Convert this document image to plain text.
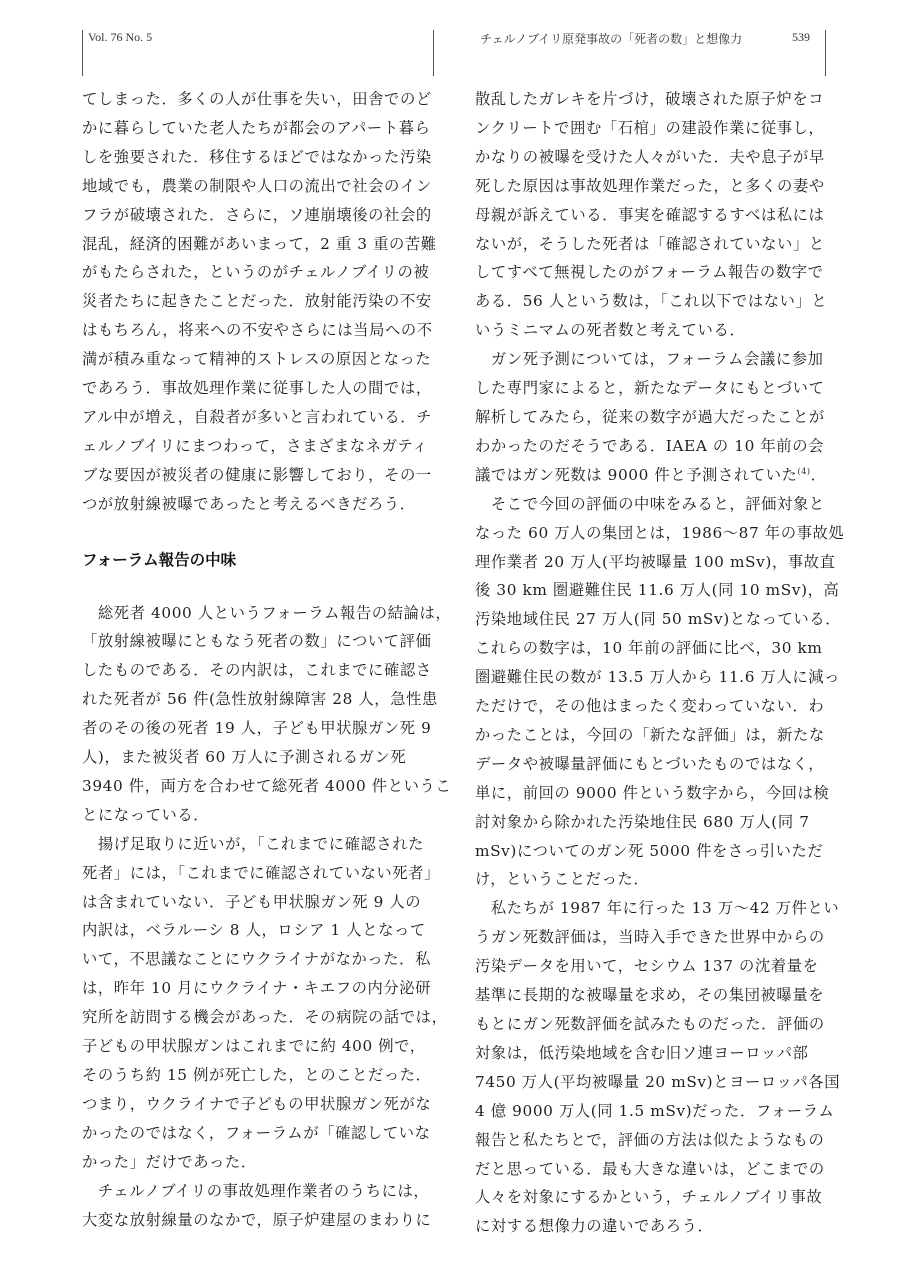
Vol. 76 No. 5	チェルノブイリ原発事故の「死者の数」と想像力	539

てしまった．多くの人が仕事を失い，田舎でのど

かに暮らしていた老人たちが都会のアパート暮ら

しを強要された．移住するほどではなかった汚染

地域でも，農業の制限や人口の流出で社会のイン

フラが破壊された．さらに，ソ連崩壊後の社会的

混乱，経済的困難があいまって，2 重 3 重の苦難

がもたらされた，というのがチェルノブイリの被

災者たちに起きたことだった．放射能汚染の不安

はもちろん，将来への不安やさらには当局への不

満が積み重なって精神的ストレスの原因となった

であろう．事故処理作業に従事した人の間では，

アル中が増え，自殺者が多いと言われている．チ

ェルノブイリにまつわって，さまざまなネガティ

ブな要因が被災者の健康に影響しており，その一

つが放射線被曝であったと考えるべきだろう．

フォーラム報告の中味

　総死者 4000 人というフォーラム報告の結論は，

「放射線被曝にともなう死者の数」について評価

したものである．その内訳は，これまでに確認さ

れた死者が 56 件(急性放射線障害 28 人，急性患

者のその後の死者 19 人，子ども甲状腺ガン死 9

人)，また被災者 60 万人に予測されるガン死

3940 件，両方を合わせて総死者 4000 件というこ

とになっている．

　揚げ足取りに近いが，「これまでに確認された

死者」には，「これまでに確認されていない死者」

は含まれていない．子ども甲状腺ガン死 9 人の

内訳は，ベラルーシ 8 人，ロシア 1 人となって

いて，不思議なことにウクライナがなかった．私

は，昨年 10 月にウクライナ・キエフの内分泌研

究所を訪問する機会があった．その病院の話では，

子どもの甲状腺ガンはこれまでに約 400 例で，

そのうち約 15 例が死亡した，とのことだった．

つまり，ウクライナで子どもの甲状腺ガン死がな

かったのではなく，フォーラムが「確認していな

かった」だけであった．

　チェルノブイリの事故処理作業者のうちには，

大変な放射線量のなかで，原子炉建屋のまわりに

散乱したガレキを片づけ，破壊された原子炉をコ

ンクリートで囲む「石棺」の建設作業に従事し，

かなりの被曝を受けた人々がいた．夫や息子が早

死した原因は事故処理作業だった，と多くの妻や

母親が訴えている．事実を確認するすべは私には

ないが，そうした死者は「確認されていない」と

してすべて無視したのがフォーラム報告の数字で

ある．56 人という数は，「これ以下ではない」と

いうミニマムの死者数と考えている．

　ガン死予測については，フォーラム会議に参加

した専門家によると，新たなデータにもとづいて

解析してみたら，従来の数字が過大だったことが

わかったのだそうである．IAEA の 10 年前の会

議ではガン死数は 9000 件と予測されていた$^{(4)}$．

　そこで今回の評価の中味をみると，評価対象と

なった 60 万人の集団とは，1986〜87 年の事故処

理作業者 20 万人(平均被曝量 100 mSv)，事故直

後 30 km 圏避難住民 11.6 万人(同 10 mSv)，高

汚染地域住民 27 万人(同 50 mSv)となっている．

これらの数字は，10 年前の評価に比べ，30 km

圏避難住民の数が 13.5 万人から 11.6 万人に減っ

ただけで，その他はまったく変わっていない．わ

かったことは，今回の「新たな評価」は，新たな

データや被曝量評価にもとづいたものではなく，

単に，前回の 9000 件という数字から，今回は検

討対象から除かれた汚染地住民 680 万人(同 7

mSv)についてのガン死 5000 件をさっ引いただ

け，ということだった．

　私たちが 1987 年に行った 13 万〜42 万件とい

うガン死数評価は，当時入手できた世界中からの

汚染データを用いて，セシウム 137 の沈着量を

基準に長期的な被曝量を求め，その集団被曝量を

もとにガン死数評価を試みたものだった．評価の

対象は，低汚染地域を含む旧ソ連ヨーロッパ部

7450 万人(平均被曝量 20 mSv)とヨーロッパ各国

4 億 9000 万人(同 1.5 mSv)だった．フォーラム

報告と私たちとで，評価の方法は似たようなもの

だと思っている．最も大きな違いは，どこまでの

人々を対象にするかという，チェルノブイリ事故

に対する想像力の違いであろう．
